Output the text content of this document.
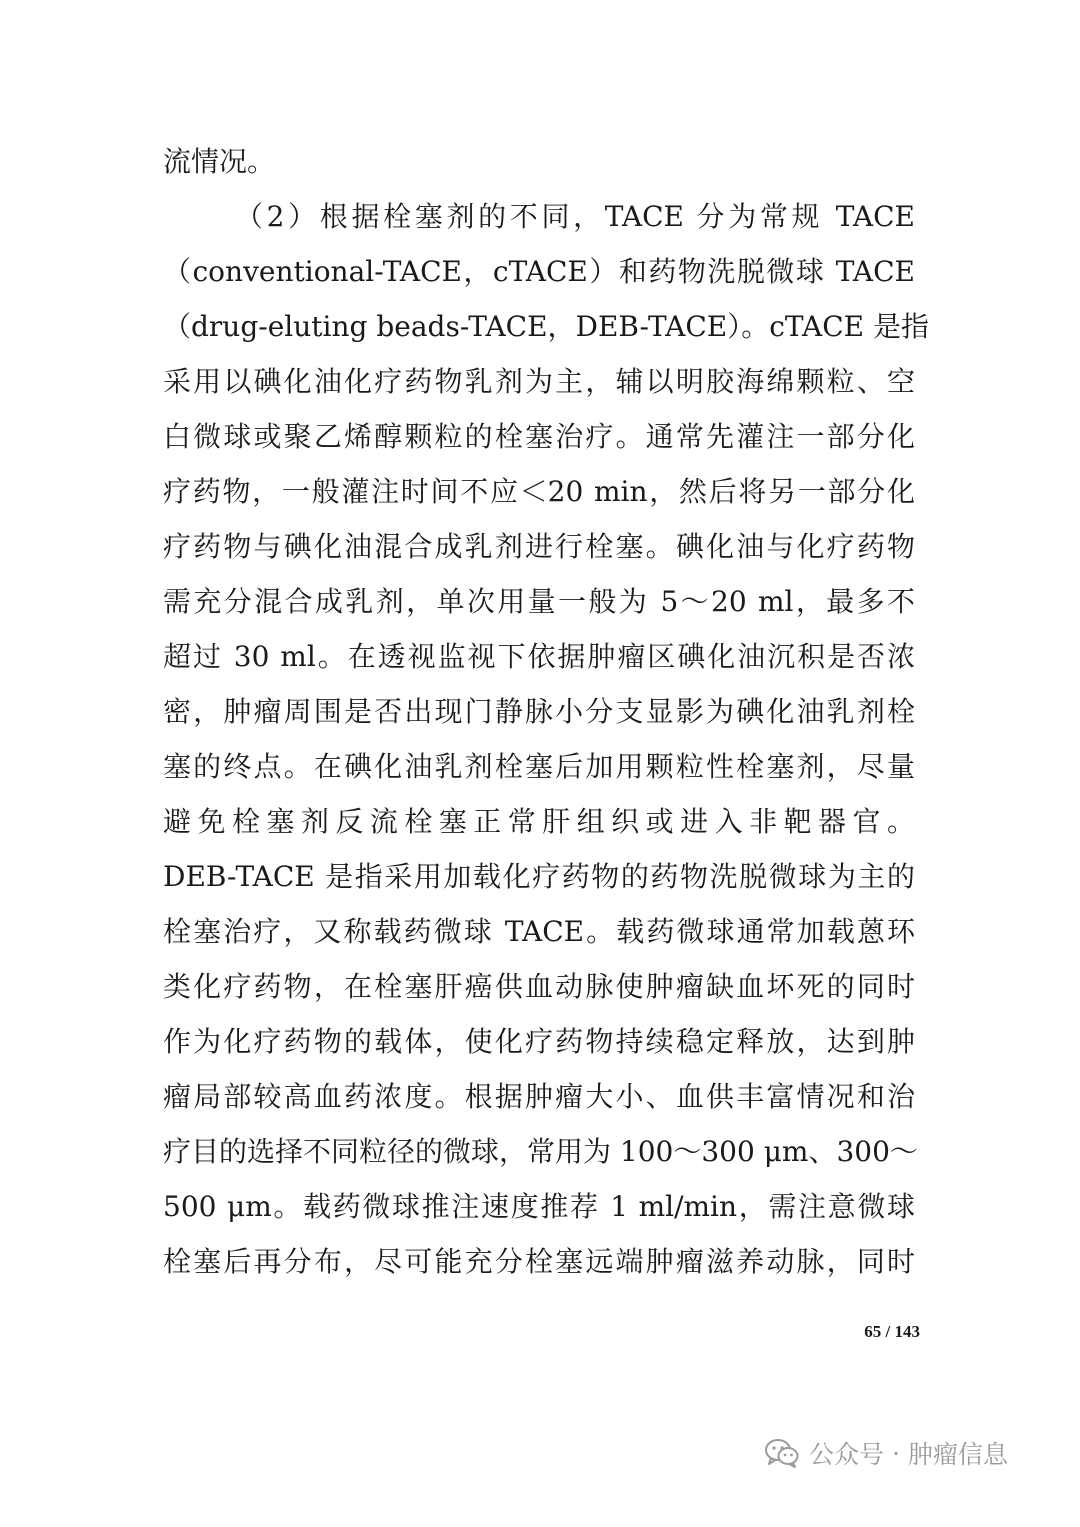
流情况。
（2）根据栓塞剂的不同，TACE 分为常规 TACE
（conventional-TACE，cTACE）和药物洗脱微球 TACE
（drug-eluting beads-TACE，DEB-TACE）。cTACE 是指
采用以碘化油化疗药物乳剂为主，辅以明胶海绵颗粒、空
白微球或聚乙烯醇颗粒的栓塞治疗。通常先灌注一部分化
疗药物，一般灌注时间不应＜20 min，然后将另一部分化
疗药物与碘化油混合成乳剂进行栓塞。碘化油与化疗药物
需充分混合成乳剂，单次用量一般为 5～20 ml，最多不
超过 30 ml。在透视监视下依据肿瘤区碘化油沉积是否浓
密，肿瘤周围是否出现门静脉小分支显影为碘化油乳剂栓
塞的终点。在碘化油乳剂栓塞后加用颗粒性栓塞剂，尽量
避免栓塞剂反流栓塞正常肝组织或进入非靶器官。
DEB-TACE 是指采用加载化疗药物的药物洗脱微球为主的
栓塞治疗，又称载药微球 TACE。载药微球通常加载蒽环
类化疗药物，在栓塞肝癌供血动脉使肿瘤缺血坏死的同时
作为化疗药物的载体，使化疗药物持续稳定释放，达到肿
瘤局部较高血药浓度。根据肿瘤大小、血供丰富情况和治
疗目的选择不同粒径的微球，常用为 100～300 μm、300～
500 μm。载药微球推注速度推荐 1 ml/min，需注意微球
栓塞后再分布，尽可能充分栓塞远端肿瘤滋养动脉，同时
65 / 143
公众号 · 肿瘤信息
